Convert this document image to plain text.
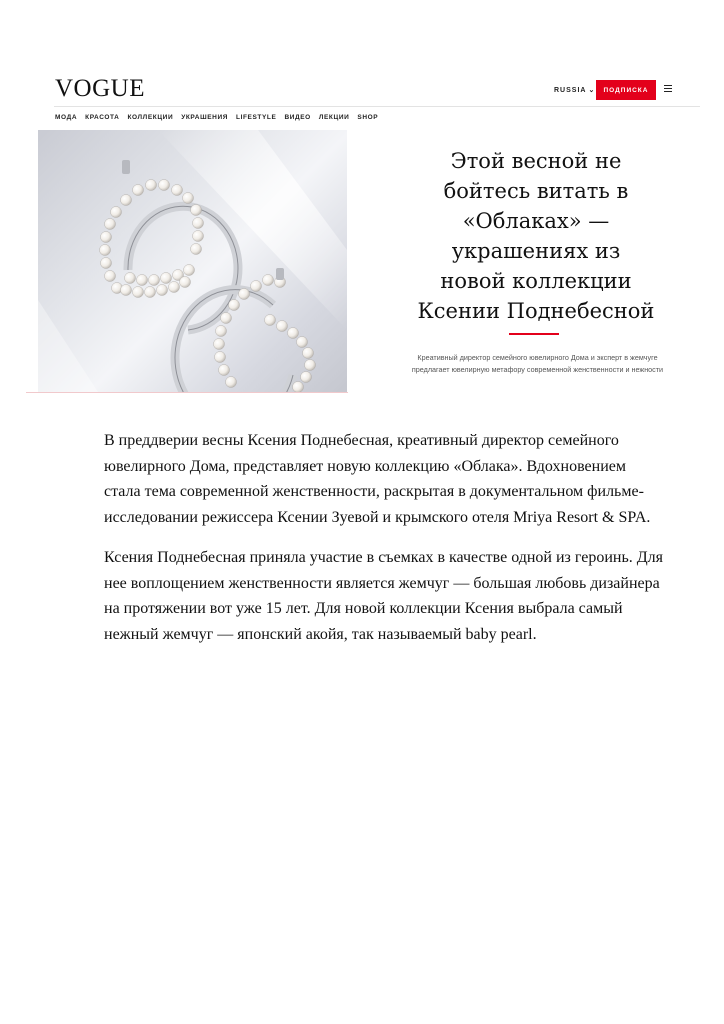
VOGUE	RUSSIA ⌄	ПОДПИСКА
МОДА КРАСОТА КОЛЛЕКЦИИ УКРАШЕНИЯ LIFESTYLE ВИДЕО ЛЕКЦИИ SHOP
Этой весной не
бойтесь витать в
«Облаках» —
украшениях из
новой коллекции
Ксении Поднебесной

Креативный директор семейного ювелирного Дома и эксперт в жемчуге предлагает ювелирную метафору современной женственности и нежности

В преддверии весны Ксения Поднебесная, креативный директор семейного ювелирного Дома, представляет новую коллекцию «Облака». Вдохновением стала тема современной женственности, раскрытая в документальном фильме-исследовании режиссера Ксении Зуевой и крымского отеля Mriya Resort & SPA.

Ксения Поднебесная приняла участие в съемках в качестве одной из героинь. Для нее воплощением женственности является жемчуг — большая любовь дизайнера на протяжении вот уже 15 лет. Для новой коллекции Ксения выбрала самый нежный жемчуг — японский акойя, так называемый baby pearl.
